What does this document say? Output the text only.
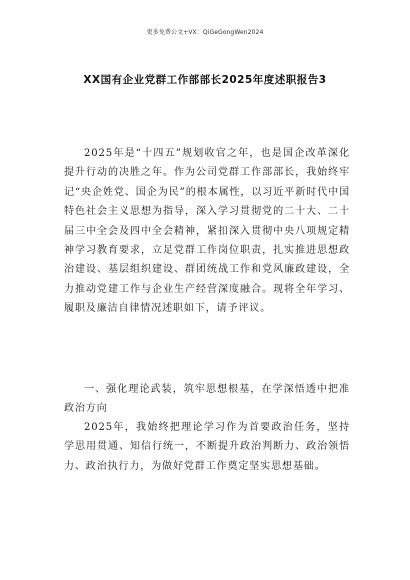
更多免费公文+VX：QiGeGongWen2024
XX国有企业党群工作部部长2025年度述职报告3

2025年是“十四五”规划收官之年，也是国企改革深化提升行动的决胜之年。作为公司党群工作部部长，我始终牢记“央企姓党、国企为民”的根本属性，以习近平新时代中国特色社会主义思想为指导，深入学习贯彻党的二十大、二十届三中全会及四中全会精神，紧扣深入贯彻中央八项规定精神学习教育要求，立足党群工作岗位职责，扎实推进思想政治建设、基层组织建设、群团统战工作和党风廉政建设，全力推动党建工作与企业生产经营深度融合。现将全年学习、履职及廉洁自律情况述职如下，请予评议。

一、强化理论武装，筑牢思想根基，在学深悟透中把准政治方向

2025年，我始终把理论学习作为首要政治任务，坚持学思用贯通、知信行统一，不断提升政治判断力、政治领悟力、政治执行力，为做好党群工作奠定坚实思想基础。
